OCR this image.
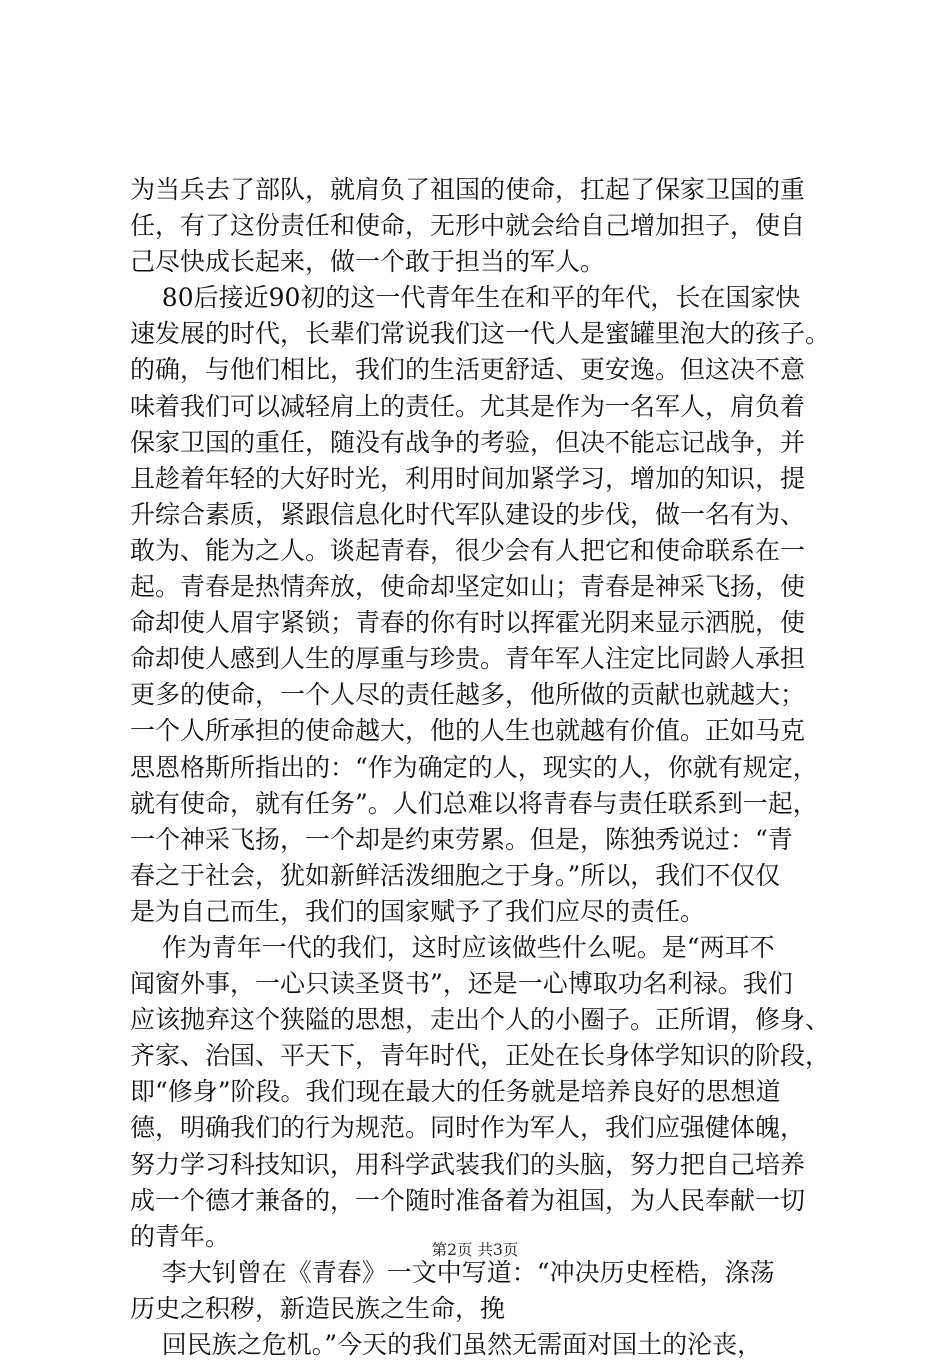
为当兵去了部队，就肩负了祖国的使命，扛起了保家卫国的重
任，有了这份责任和使命，无形中就会给自己增加担子，使自
己尽快成长起来，做一个敢于担当的军人。
80后接近90初的这一代青年生在和平的年代，长在国家快
速发展的时代，长辈们常说我们这一代人是蜜罐里泡大的孩子。
的确，与他们相比，我们的生活更舒适、更安逸。但这决不意
味着我们可以减轻肩上的责任。尤其是作为一名军人，肩负着
保家卫国的重任，随没有战争的考验，但决不能忘记战争，并
且趁着年轻的大好时光，利用时间加紧学习，增加的知识，提
升综合素质，紧跟信息化时代军队建设的步伐，做一名有为、
敢为、能为之人。谈起青春，很少会有人把它和使命联系在一
起。青春是热情奔放，使命却坚定如山；青春是神采飞扬，使
命却使人眉宇紧锁；青春的你有时以挥霍光阴来显示洒脱，使
命却使人感到人生的厚重与珍贵。青年军人注定比同龄人承担
更多的使命，一个人尽的责任越多，他所做的贡献也就越大；
一个人所承担的使命越大，他的人生也就越有价值。正如马克
思恩格斯所指出的：“作为确定的人，现实的人，你就有规定，
就有使命，就有任务”。人们总难以将青春与责任联系到一起，
一个神采飞扬，一个却是约束劳累。但是，陈独秀说过：“青
春之于社会，犹如新鲜活泼细胞之于身。”所以，我们不仅仅
是为自己而生，我们的国家赋予了我们应尽的责任。
作为青年一代的我们，这时应该做些什么呢。是“两耳不
闻窗外事，一心只读圣贤书”，还是一心博取功名利禄。我们
应该抛弃这个狭隘的思想，走出个人的小圈子。正所谓，修身、
齐家、治国、平天下，青年时代，正处在长身体学知识的阶段，
即“修身”阶段。我们现在最大的任务就是培养良好的思想道
德，明确我们的行为规范。同时作为军人，我们应强健体魄，
努力学习科技知识，用科学武装我们的头脑，努力把自己培养
成一个德才兼备的，一个随时准备着为祖国，为人民奉献一切
的青年。
李大钊曾在《青春》一文中写道：“冲决历史桎梏，涤荡
历史之积秽，新造民族之生命，挽
回民族之危机。”今天的我们虽然无需面对国土的沦丧，
第2页 共3页
